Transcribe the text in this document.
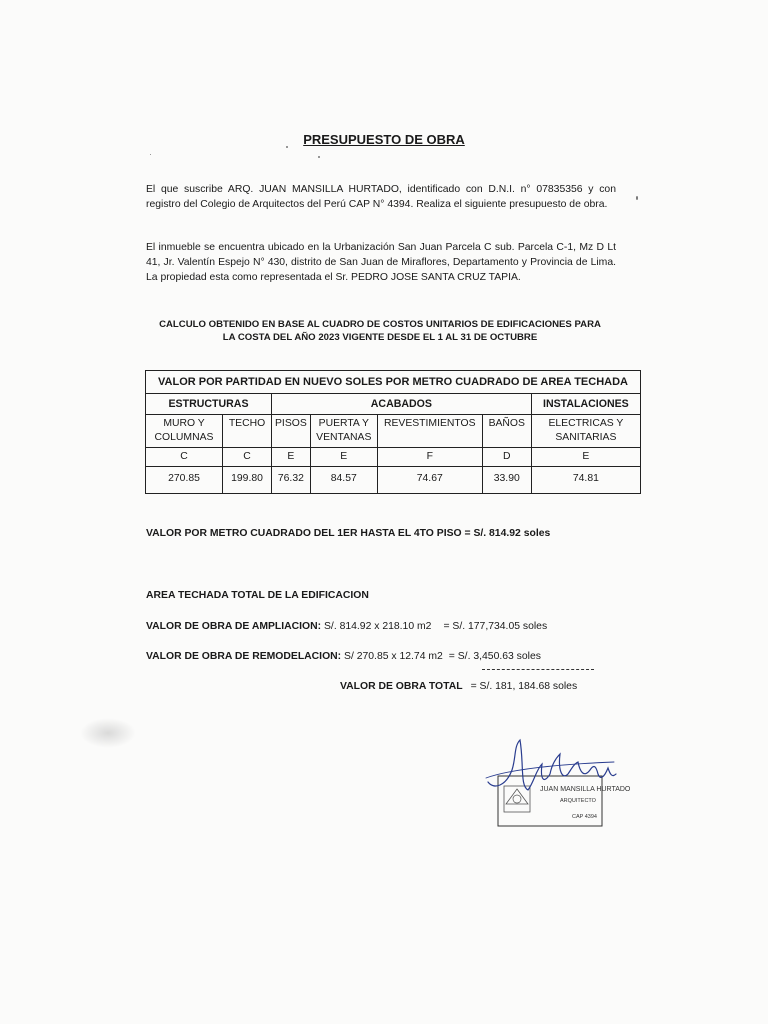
PRESUPUESTO DE OBRA
El que suscribe ARQ. JUAN MANSILLA HURTADO, identificado con D.N.I. n° 07835356 y con registro del Colegio de Arquitectos del Perú CAP N° 4394. Realiza el siguiente presupuesto de obra.
El inmueble se encuentra ubicado en la Urbanización San Juan Parcela C sub. Parcela C-1, Mz D Lt 41, Jr. Valentín Espejo N° 430, distrito de San Juan de Miraflores, Departamento y Provincia de Lima. La propiedad esta como representada el Sr. PEDRO JOSE SANTA CRUZ TAPIA.
CALCULO OBTENIDO EN BASE AL CUADRO DE COSTOS UNITARIOS DE EDIFICACIONES PARA
LA COSTA DEL AÑO 2023 VIGENTE DESDE EL 1 AL 31 DE OCTUBRE
VALOR POR PARTIDAD EN NUEVO SOLES POR METRO CUADRADO DE AREA TECHADA						
ESTRUCTURAS		ACABADOS				INSTALACIONES
MURO Y COLUMNAS	TECHO	PISOS	PUERTA Y VENTANAS	REVESTIMIENTOS	BAÑOS	ELECTRICAS Y SANITARIAS
C	C	E	E	F	D	E
270.85	199.80	76.32	84.57	74.67	33.90	74.81
VALOR POR METRO CUADRADO DEL 1ER HASTA EL 4TO PISO = S/. 814.92 soles
AREA TECHADA TOTAL DE LA EDIFICACION
VALOR DE OBRA DE AMPLIACION: S/. 814.92 x 218.10 m2 = S/. 177,734.05 soles
VALOR DE OBRA DE REMODELACION: S/ 270.85 x 12.74 m2 = S/. 3,450.63 soles
VALOR DE OBRA TOTAL = S/. 181, 184.68 soles
JUAN MANSILLA HURTADO
ARQUITECTO
CAP 4394
